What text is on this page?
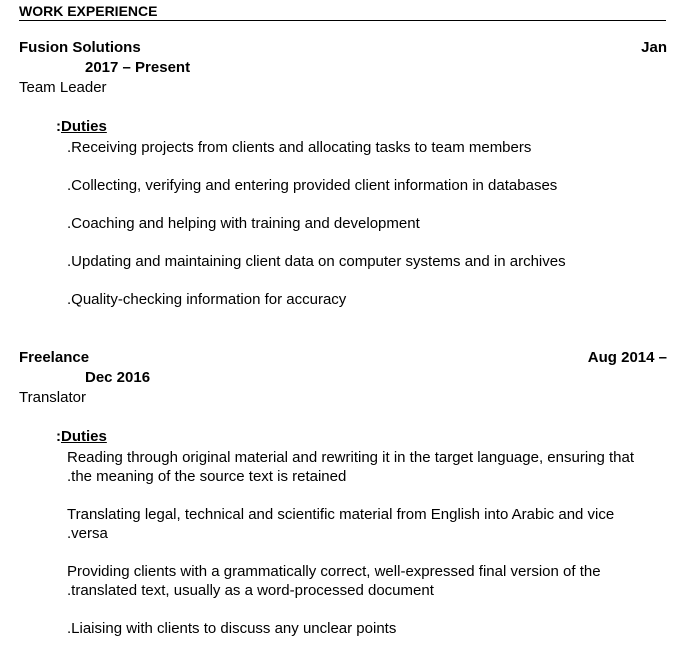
WORK EXPERIENCE
Fusion Solutions	Jan
2017 – Present
Team Leader
:Duties
.Receiving projects from clients and allocating tasks to team members
.Collecting, verifying and entering provided client information in databases
.Coaching and helping with training and development
.Updating and maintaining client data on computer systems and in archives
.Quality-checking information for accuracy
Freelance	Aug 2014 –
Dec 2016
Translator
:Duties
Reading through original material and rewriting it in the target language, ensuring that
.the meaning of the source text is retained
Translating legal, technical and scientific material from English into Arabic and vice
.versa
Providing clients with a grammatically correct, well-expressed final version of the
.translated text, usually as a word-processed document
.Liaising with clients to discuss any unclear points
